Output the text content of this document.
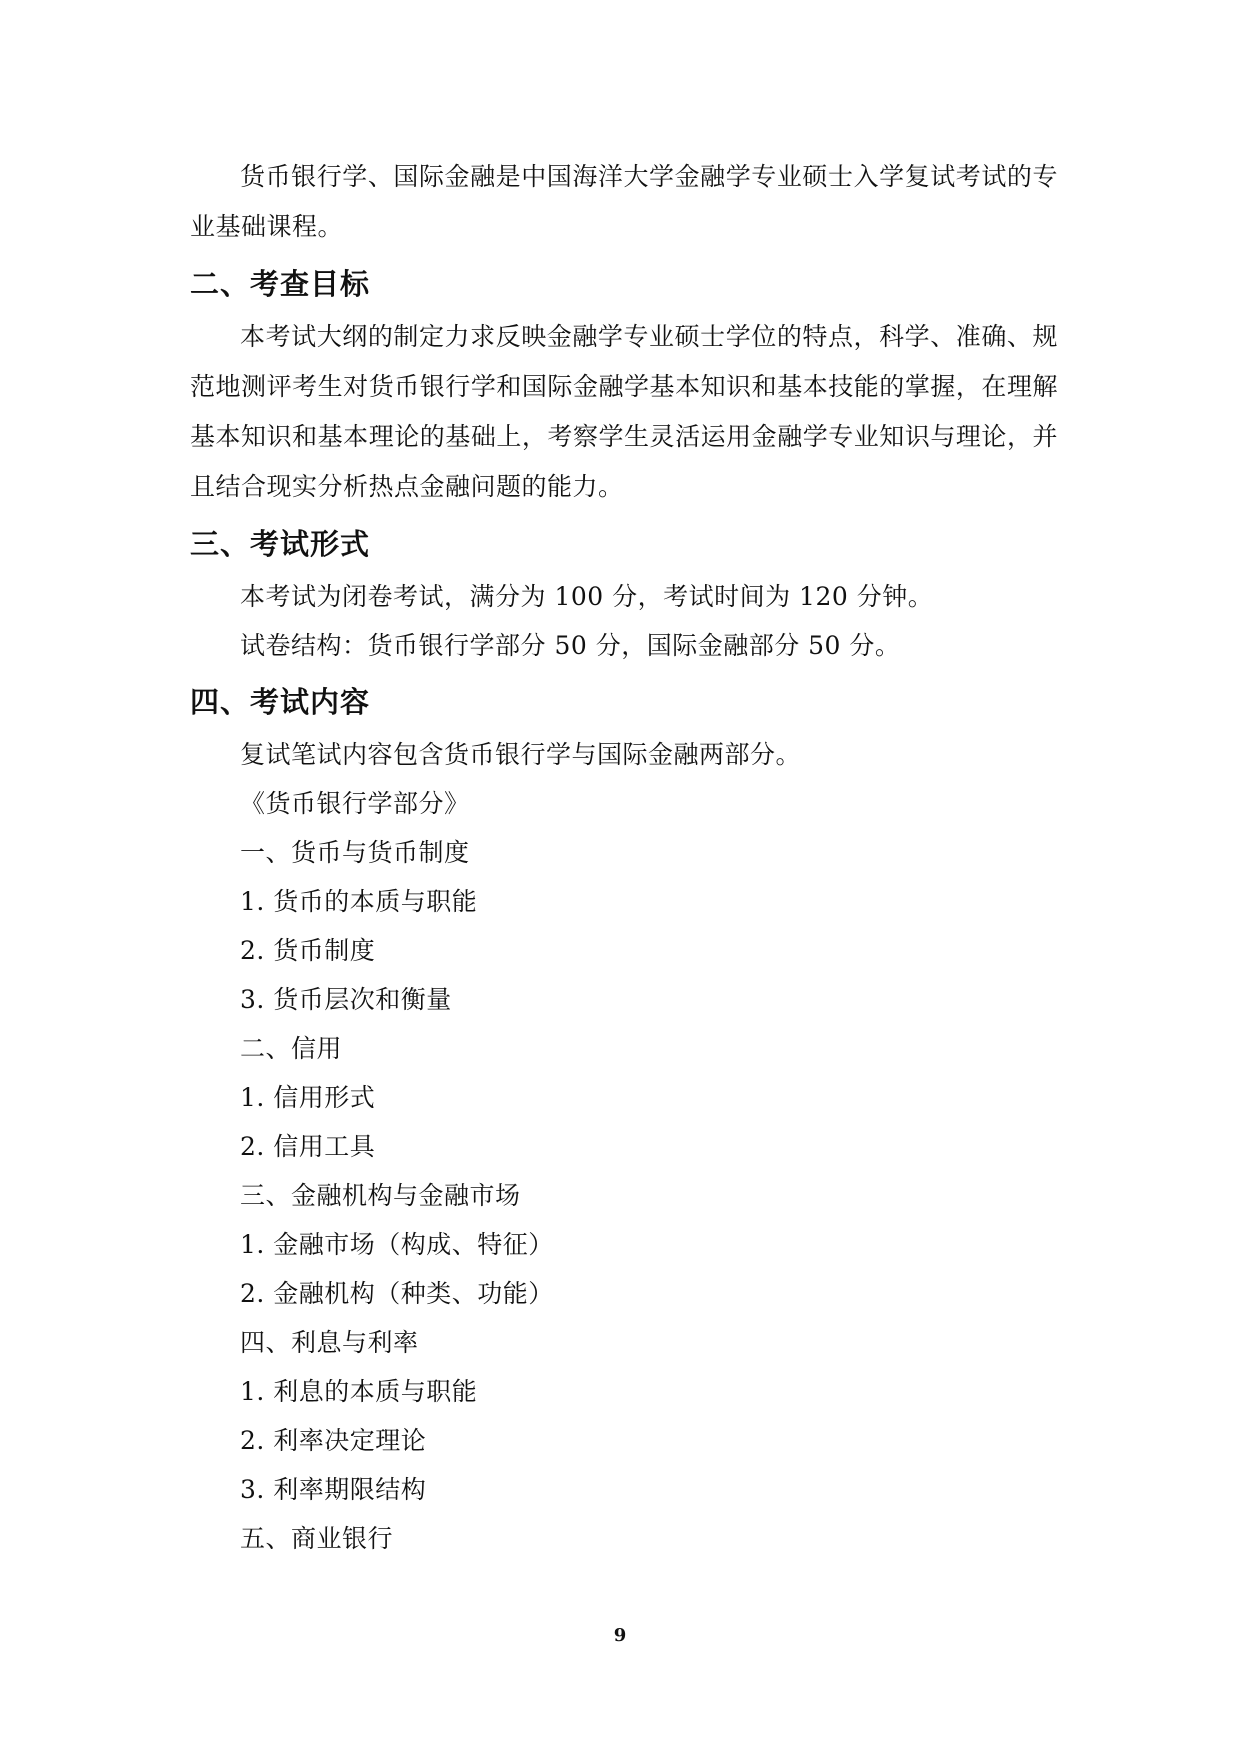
货币银行学、国际金融是中国海洋大学金融学专业硕士入学复试考试的专业基础课程。

二、考查目标

本考试大纲的制定力求反映金融学专业硕士学位的特点，科学、准确、规范地测评考生对货币银行学和国际金融学基本知识和基本技能的掌握，在理解基本知识和基本理论的基础上，考察学生灵活运用金融学专业知识与理论，并且结合现实分析热点金融问题的能力。

三、考试形式

本考试为闭卷考试，满分为 100 分，考试时间为 120 分钟。

试卷结构：货币银行学部分 50 分，国际金融部分 50 分。

四、考试内容

复试笔试内容包含货币银行学与国际金融两部分。

《货币银行学部分》

一、货币与货币制度

1. 货币的本质与职能

2. 货币制度

3. 货币层次和衡量

二、信用

1. 信用形式

2. 信用工具

三、金融机构与金融市场

1. 金融市场（构成、特征）

2. 金融机构（种类、功能）

四、利息与利率

1. 利息的本质与职能

2. 利率决定理论

3. 利率期限结构

五、商业银行

9
